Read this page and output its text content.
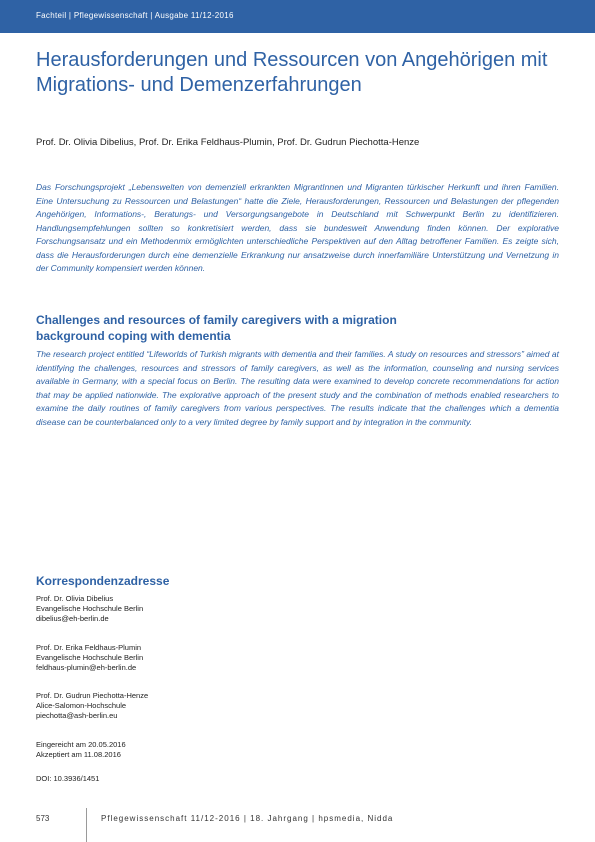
Fachteil | Pflegewissenschaft | Ausgabe 11/12-2016
Herausforderungen und Ressourcen von Angehörigen mit Migrations- und Demenzerfahrungen
Prof. Dr. Olivia Dibelius, Prof. Dr. Erika Feldhaus-Plumin, Prof. Dr. Gudrun Piechotta-Henze

Das Forschungsprojekt „Lebenswelten von demenziell erkrankten MigrantInnen und Migranten türkischer Herkunft und ihren Familien. Eine Untersuchung zu Ressourcen und Belastungen“ hatte die Ziele, Herausforderungen, Ressourcen und Belastungen der pflegenden Angehörigen, Informations-, Beratungs- und Versorgungsangebote in Deutschland mit Schwerpunkt Berlin zu identifizieren. Handlungsempfehlungen sollten so konkretisiert werden, dass sie bundesweit Anwendung finden können. Der explorative Forschungsansatz und ein Methodenmix ermöglichten unterschiedliche Perspektiven auf den Alltag betroffener Familien. Es zeigte sich, dass die Herausforderungen durch eine demenzielle Erkrankung nur ansatzweise durch innerfamiliäre Unterstützung und Vernetzung in der Community kompensiert werden können.

Challenges and resources of family caregivers with a migration background coping with dementia

The research project entitled “Lifeworlds of Turkish migrants with dementia and their families. A study on resources and stressors” aimed at identifying the challenges, resources and stressors of family caregivers, as well as the information, counseling and nursing services available in Germany, with a special focus on Berlin. The resulting data were examined to develop concrete recommendations for action that may be applied nationwide. The explorative approach of the present study and the combination of methods enabled researchers to examine the daily routines of family caregivers from various perspectives. The results indicate that the challenges which a dementia disease can be counterbalanced only to a very limited degree by family support and by integration in the community.

Korrespondenzadresse
Prof. Dr. Olivia Dibelius
Evangelische Hochschule Berlin
dibelius@eh-berlin.de
Prof. Dr. Erika Feldhaus-Plumin
Evangelische Hochschule Berlin
feldhaus-plumin@eh-berlin.de
Prof. Dr. Gudrun Piechotta-Henze
Alice-Salomon-Hochschule
piechotta@ash-berlin.eu
Eingereicht am 20.05.2016
Akzeptiert am 11.08.2016
DOI: 10.3936/1451
573	Pflegewissenschaft 11/12-2016 | 18. Jahrgang | hpsmedia, Nidda
